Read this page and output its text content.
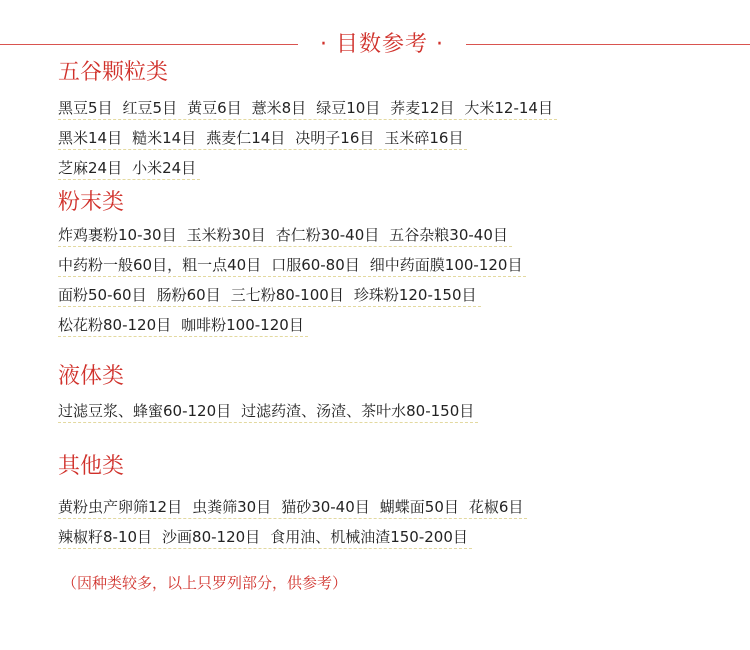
· 目数参考 ·
五谷颗粒类
黑豆5目 红豆5目 黄豆6目 薏米8目 绿豆10目 荞麦12目 大米12-14目
黑米14目 糙米14目 燕麦仁14目 决明子16目 玉米碎16目
芝麻24目 小米24目
粉末类
炸鸡裹粉10-30目 玉米粉30目 杏仁粉30-40目 五谷杂粮30-40目
中药粉一般60目，粗一点40目 口服60-80目 细中药面膜100-120目
面粉50-60目 肠粉60目 三七粉80-100目 珍珠粉120-150目
松花粉80-120目 咖啡粉100-120目
液体类
过滤豆浆、蜂蜜60-120目 过滤药渣、汤渣、茶叶水80-150目
其他类
黄粉虫产卵筛12目 虫粪筛30目 猫砂30-40目 蝴蝶面50目 花椒6目
辣椒籽8-10目 沙画80-120目 食用油、机械油渣150-200目
（因种类较多，以上只罗列部分，供参考）
